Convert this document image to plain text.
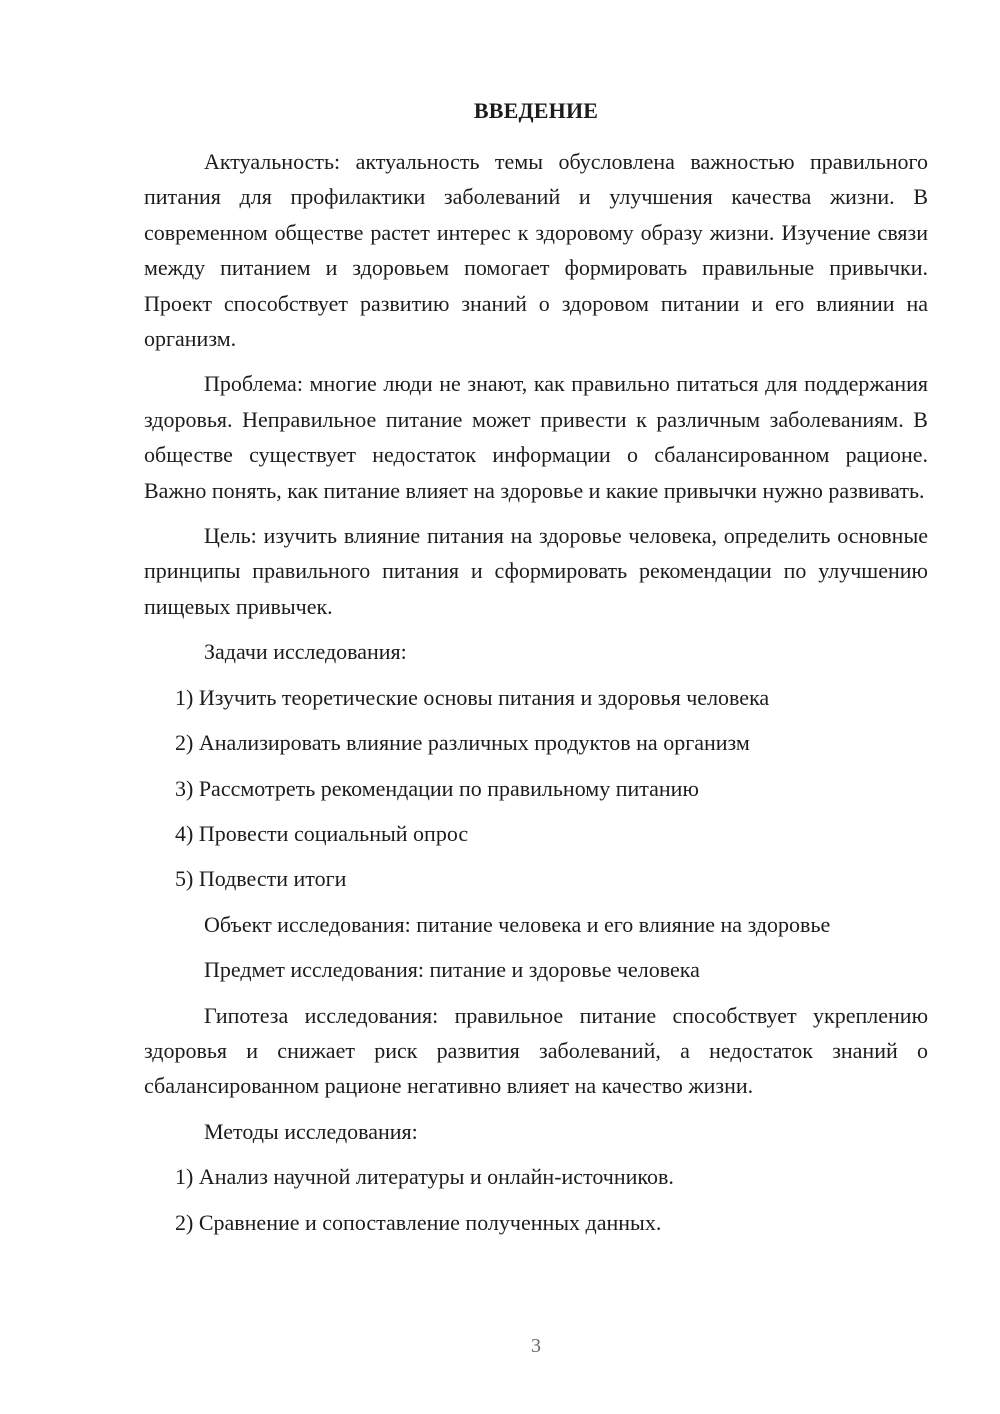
ВВЕДЕНИЕ

Актуальность: актуальность темы обусловлена важностью правильного питания для профилактики заболеваний и улучшения качества жизни. В современном обществе растет интерес к здоровому образу жизни. Изучение связи между питанием и здоровьем помогает формировать правильные привычки. Проект способствует развитию знаний о здоровом питании и его влиянии на организм.

Проблема: многие люди не знают, как правильно питаться для поддержания здоровья. Неправильное питание может привести к различным заболеваниям. В обществе существует недостаток информации о сбалансированном рационе. Важно понять, как питание влияет на здоровье и какие привычки нужно развивать.

Цель: изучить влияние питания на здоровье человека, определить основные принципы правильного питания и сформировать рекомендации по улучшению пищевых привычек.

Задачи исследования:
1) Изучить теоретические основы питания и здоровья человека
2) Анализировать влияние различных продуктов на организм
3) Рассмотреть рекомендации по правильному питанию
4) Провести социальный опрос
5) Подвести итоги
Объект исследования: питание человека и его влияние на здоровье
Предмет исследования: питание и здоровье человека

Гипотеза исследования: правильное питание способствует укреплению здоровья и снижает риск развития заболеваний, а недостаток знаний о сбалансированном рационе негативно влияет на качество жизни.

Методы исследования:
1) Анализ научной литературы и онлайн-источников.
2) Сравнение и сопоставление полученных данных.
3
